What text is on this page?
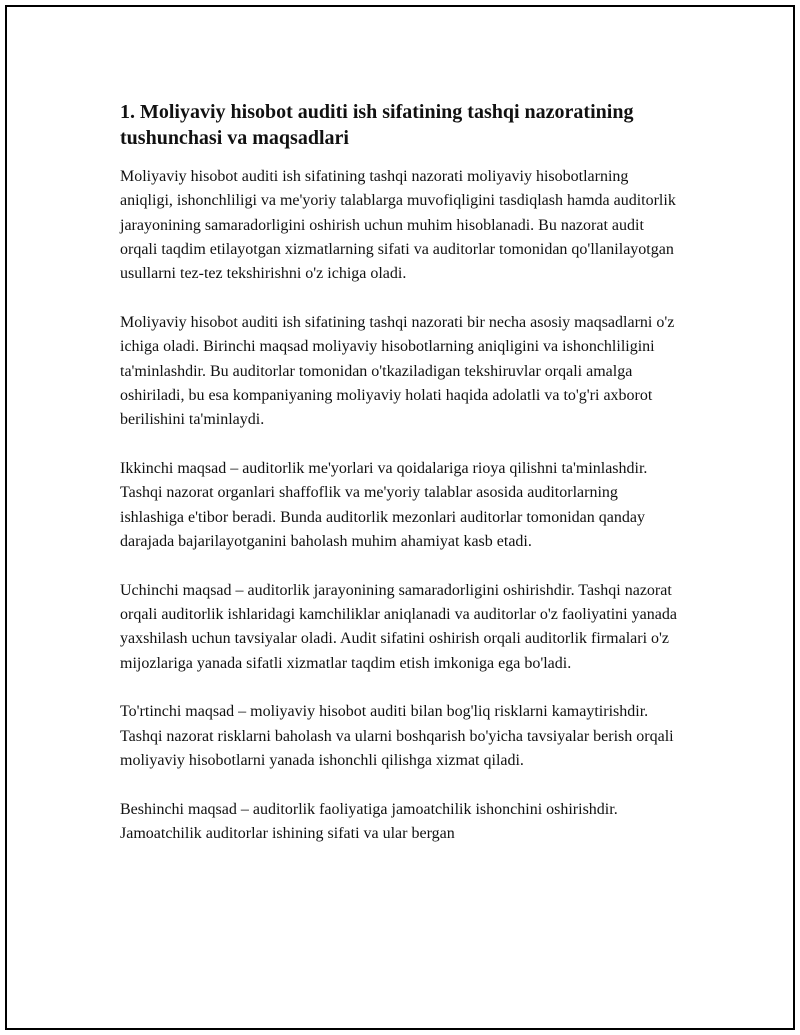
1. Moliyaviy hisobot auditi ish sifatining tashqi nazoratining tushunchasi va maqsadlari

Moliyaviy hisobot auditi ish sifatining tashqi nazorati moliyaviy hisobotlarning aniqligi, ishonchliligi va me'yoriy talablarga muvofiqligini tasdiqlash hamda auditorlik jarayonining samaradorligini oshirish uchun muhim hisoblanadi. Bu nazorat audit orqali taqdim etilayotgan xizmatlarning sifati va auditorlar tomonidan qo'llanilayotgan usullarni tez-tez tekshirishni o'z ichiga oladi.

Moliyaviy hisobot auditi ish sifatining tashqi nazorati bir necha asosiy maqsadlarni o'z ichiga oladi. Birinchi maqsad moliyaviy hisobotlarning aniqligini va ishonchliligini ta'minlashdir. Bu auditorlar tomonidan o'tkaziladigan tekshiruvlar orqali amalga oshiriladi, bu esa kompaniyaning moliyaviy holati haqida adolatli va to'g'ri axborot berilishini ta'minlaydi.

Ikkinchi maqsad – auditorlik me'yorlari va qoidalariga rioya qilishni ta'minlashdir. Tashqi nazorat organlari shaffoflik va me'yoriy talablar asosida auditorlarning ishlashiga e'tibor beradi. Bunda auditorlik mezonlari auditorlar tomonidan qanday darajada bajarilayotganini baholash muhim ahamiyat kasb etadi.

Uchinchi maqsad – auditorlik jarayonining samaradorligini oshirishdir. Tashqi nazorat orqali auditorlik ishlaridagi kamchiliklar aniqlanadi va auditorlar o'z faoliyatini yanada yaxshilash uchun tavsiyalar oladi. Audit sifatini oshirish orqali auditorlik firmalari o'z mijozlariga yanada sifatli xizmatlar taqdim etish imkoniga ega bo'ladi.

To'rtinchi maqsad – moliyaviy hisobot auditi bilan bog'liq risklarni kamaytirishdir. Tashqi nazorat risklarni baholash va ularni boshqarish bo'yicha tavsiyalar berish orqali moliyaviy hisobotlarni yanada ishonchli qilishga xizmat qiladi.

Beshinchi maqsad – auditorlik faoliyatiga jamoatchilik ishonchini oshirishdir. Jamoatchilik auditorlar ishining sifati va ular bergan
